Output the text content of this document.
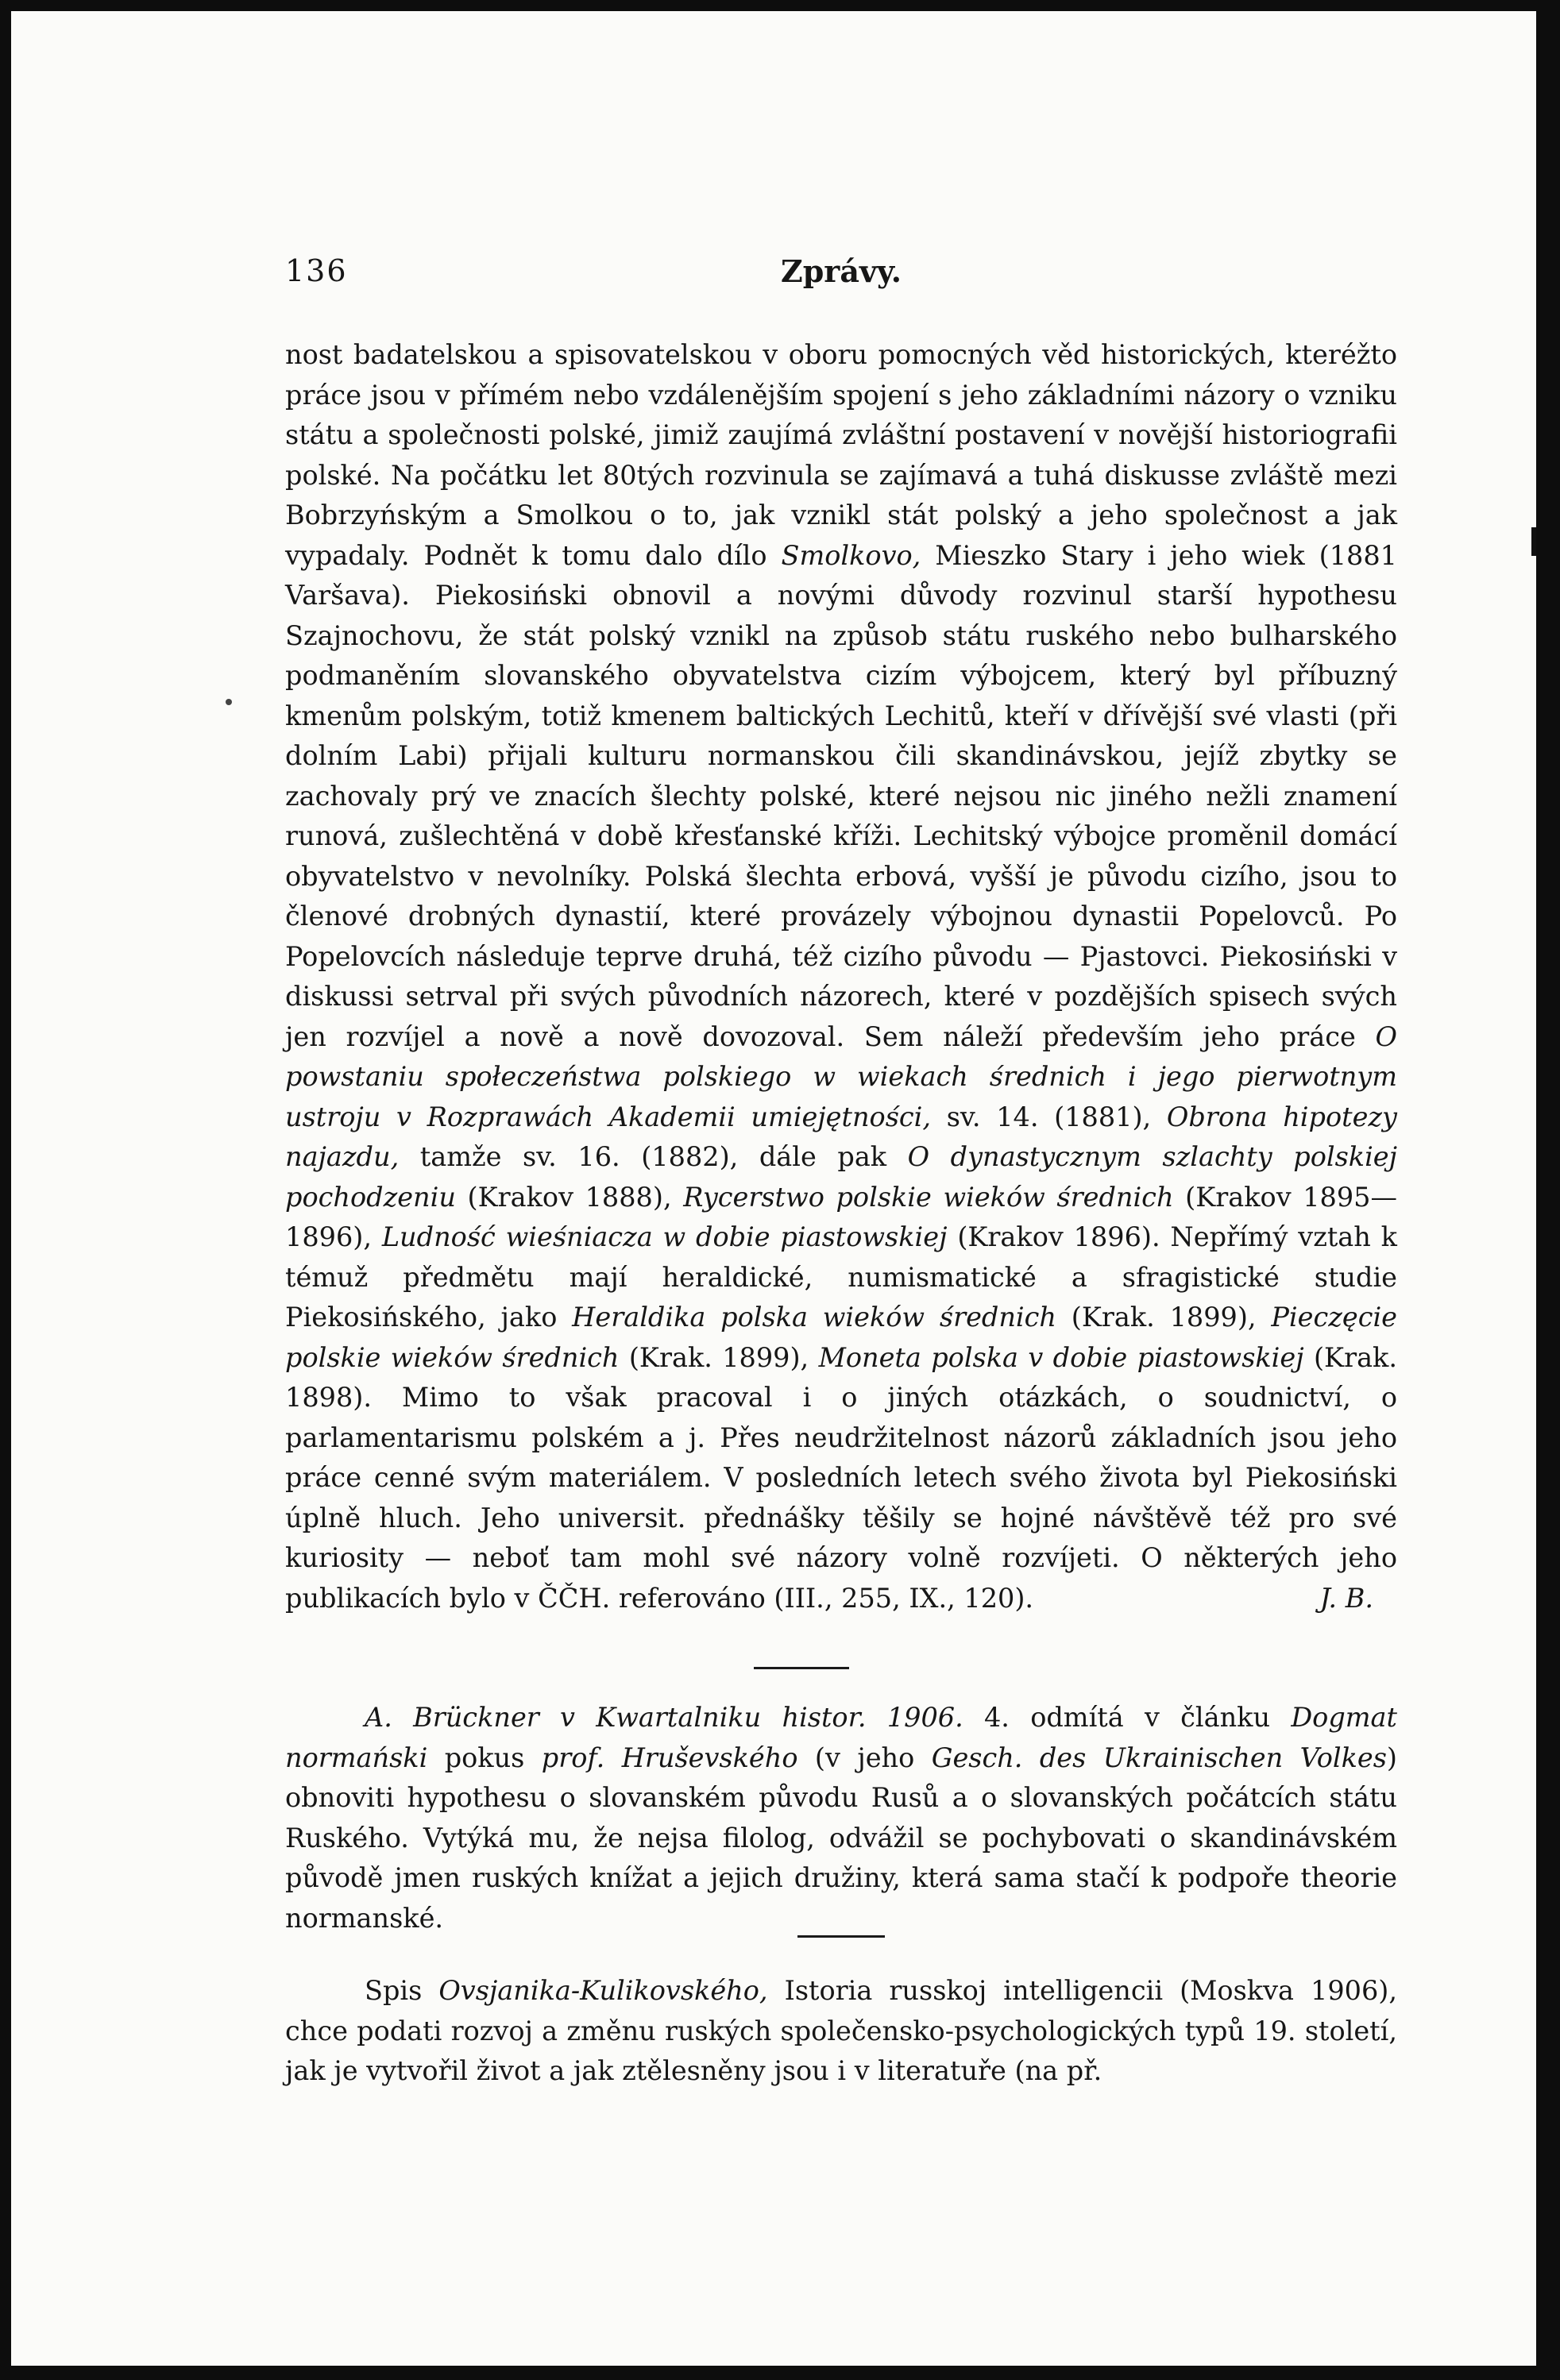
136	Zprávy.
nost badatelskou a spisovatelskou v oboru pomocných věd historických, kteréžto práce jsou v přímém nebo vzdálenějším spojení s jeho základními názory o vzniku státu a společnosti polské, jimiž zaujímá zvláštní postavení v novější historiografii polské. Na počátku let 80tých rozvinula se zajímavá a tuhá diskusse zvláště mezi Bobrzyńským a Smolkou o to, jak vznikl stát polský a jeho společnost a jak vypadaly. Podnět k tomu dalo dílo Smolkovo, Mieszko Stary i jeho wiek (1881 Varšava). Piekosiński obnovil a novými důvody rozvinul starší hypothesu Szajnochovu, že stát polský vznikl na způsob státu ruského nebo bulharského podmaněním slovanského obyvatelstva cizím výbojcem, který byl příbuzný kmenům polským, totiž kmenem baltických Lechitů, kteří v dřívější své vlasti (při dolním Labi) přijali kulturu normanskou čili skandinávskou, jejíž zbytky se zachovaly prý ve znacích šlechty polské, které nejsou nic jiného nežli znamení runová, zušlechtěná v době křesťanské kříži. Lechitský výbojce proměnil domácí obyvatelstvo v nevolníky. Polská šlechta erbová, vyšší je původu cizího, jsou to členové drobných dynastií, které provázely výbojnou dynastii Popelovců. Po Popelovcích následuje teprve druhá, též cizího původu — Pjastovci. Piekosiński v diskussi setrval při svých původních názorech, které v pozdějších spisech svých jen rozvíjel a nově a nově dovozoval. Sem náleží především jeho práce O powstaniu społeczeństwa polskiego w wiekach średnich i jego pierwotnym ustroju v Rozprawách Akademii umiejętności, sv. 14. (1881), Obrona hipotezy najazdu, tamže sv. 16. (1882), dále pak O dynastycznym szlachty polskiej pochodzeniu (Krakov 1888), Rycerstwo polskie wieków średnich (Krakov 1895—1896), Ludność wieśniacza w dobie piastowskiej (Krakov 1896). Nepřímý vztah k témuž předmětu mají heraldické, numismatické a sfragistické studie Piekosińského, jako Heraldika polska wieków średnich (Krak. 1899), Pieczęcie polskie wieków średnich (Krak. 1899), Moneta polska v dobie piastowskiej (Krak. 1898). Mimo to však pracoval i o jiných otázkách, o soudnictví, o parlamentarismu polském a j. Přes neudržitelnost názorů základních jsou jeho práce cenné svým materiálem. V posledních letech svého života byl Piekosiński úplně hluch. Jeho universit. přednášky těšily se hojné návštěvě též pro své kuriosity — neboť tam mohl své názory volně rozvíjeti. O některých jeho publikacích bylo v ČČH. referováno (III., 255, IX., 120).	J. B.
A. Brückner v Kwartalniku histor. 1906. 4. odmítá v článku Dogmat normański pokus prof. Hruševského (v jeho Gesch. des Ukrainischen Volkes) obnoviti hypothesu o slovanském původu Rusů a o slovanských počátcích státu Ruského. Vytýká mu, že nejsa filolog, odvážil se pochybovati o skandinávském původě jmen ruských knížat a jejich družiny, která sama stačí k podpoře theorie normanské.
Spis Ovsjanika-Kulikovského, Istoria russkoj intelligencii (Moskva 1906), chce podati rozvoj a změnu ruských společensko-psychologických typů 19. století, jak je vytvořil život a jak ztělesněny jsou i v literatuře (na př.
